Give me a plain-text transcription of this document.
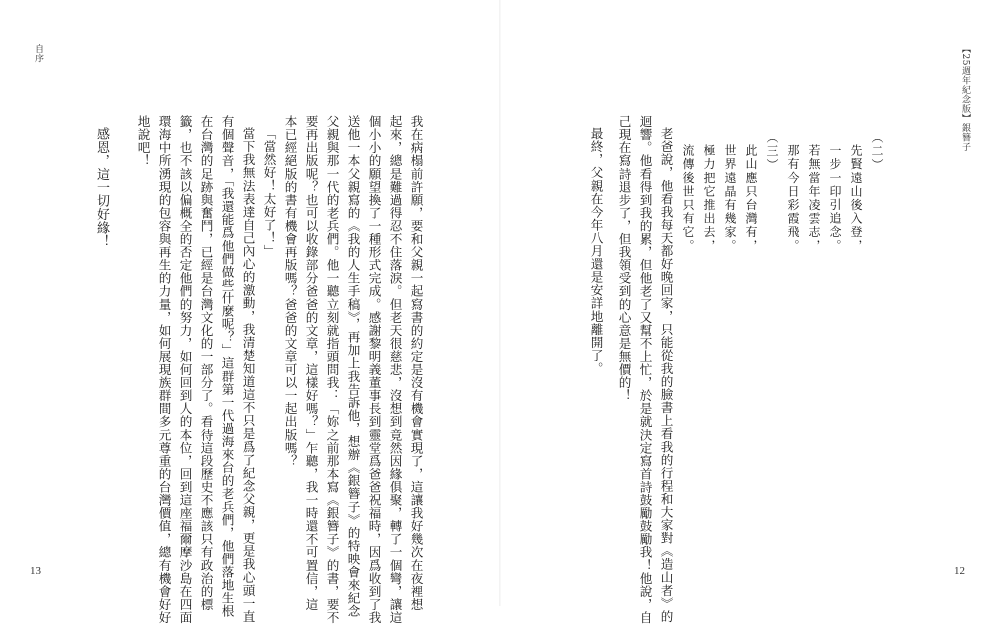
自序
我在病榻前許願，要和父親一起寫書的約定是沒有機會實現了，這讓我好幾次在夜裡想
起來，總是難過得忍不住落淚。但老天很慈悲，沒想到竟然因緣俱聚，轉了一個彎，讓這
個小小的願望換了一種形式完成。感謝黎明義董事長到靈堂爲爸爸祝福時，因爲收到了我
送他一本父親寫的《我的人生手稿》，再加上我告訴他，想辦《銀簪子》的特映會來紀念
父親與那一代的老兵們。他一聽立刻就指頭問我：「妳之前那本寫《銀簪子》的書，要不
要再出版呢？也可以收錄部分爸爸的文章，這樣好嗎？」乍聽，我一時還不可置信，這
本已經絕版的書有機會再版嗎？爸爸的文章可以一起出版嗎？
「當然好！太好了！」
當下我無法表達自己內心的激動，我清楚知道這不只是爲了紀念父親，更是我心頭一直
有個聲音，「我還能爲他們做些什麼呢？」這群第一代過海來台的老兵們，他們落地生根
在台灣的足跡與奮鬥，已經是台灣文化的一部分了。看待這段歷史不應該只有政治的標
籤，也不該以偏概全的否定他們的努力，如何回到人的本位，回到這座福爾摩沙島在四面
環海中所湧現的包容與再生的力量，如何展現族群間多元尊重的台灣價值，總有機會好好
地說吧！
感恩，這一切好緣！
13
【25週年紀念版】銀簪子
（二）
先賢遠山後入登，
一步一印引追念。
若無當年凌雲志，
那有今日彩霞飛。
（三）
此山應只台灣有，
世界遠晶有幾家。
極力把它推出去，
流傳後世只有它。
老爸說，他看我每天都好晚回家，只能從我的臉書上看我的行程和大家對《造山者》的
迴響。他看得到我的累，但他老了又幫不上忙，於是就決定寫首詩鼓勵鼓勵我！他說，自
己現在寫詩退步了，但我領受到的心意是無價的！
最終，父親在今年八月還是安詳地離開了。
12
